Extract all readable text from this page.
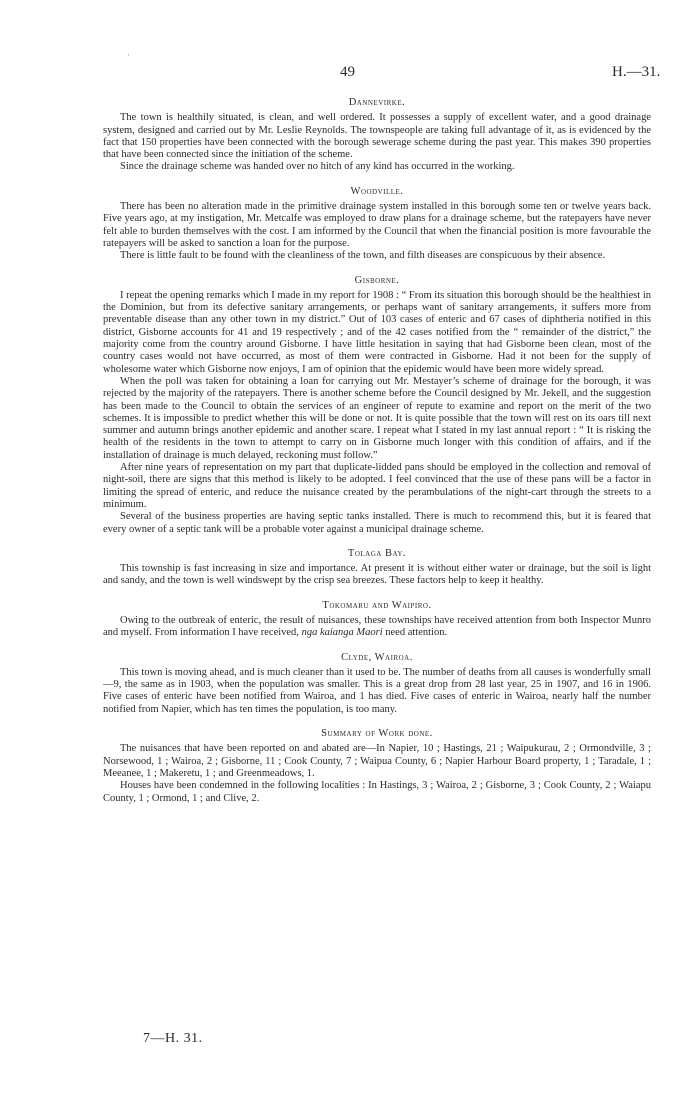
·
49	H.—31.
Dannevirke.

The town is healthily situated, is clean, and well ordered. It possesses a supply of excellent water, and a good drainage system, designed and carried out by Mr. Leslie Reynolds. The townspeople are taking full advantage of it, as is evidenced by the fact that 150 properties have been connected with the borough sewerage scheme during the past year. This makes 390 properties that have been connected since the initiation of the scheme.

Since the drainage scheme was handed over no hitch of any kind has occurred in the working.

Woodville.

There has been no alteration made in the primitive drainage system installed in this borough some ten or twelve years back. Five years ago, at my instigation, Mr. Metcalfe was employed to draw plans for a drainage scheme, but the ratepayers have never felt able to burden themselves with the cost. I am informed by the Council that when the financial position is more favourable the ratepayers will be asked to sanction a loan for the purpose.

There is little fault to be found with the cleanliness of the town, and filth diseases are conspicuous by their absence.

Gisborne.

I repeat the opening remarks which I made in my report for 1908 : “ From its situation this borough should be the healthiest in the Dominion, but from its defective sanitary arrangements, or perhaps want of sanitary arrangements, it suffers more from preventable disease than any other town in my district.” Out of 103 cases of enteric and 67 cases of diphtheria notified in this district, Gisborne accounts for 41 and 19 respectively ; and of the 42 cases notified from the “ remainder of the district,” the majority come from the country around Gisborne. I have little hesitation in saying that had Gisborne been clean, most of the country cases would not have occurred, as most of them were contracted in Gisborne. Had it not been for the supply of wholesome water which Gisborne now enjoys, I am of opinion that the epidemic would have been more widely spread.

When the poll was taken for obtaining a loan for carrying out Mr. Mestayer’s scheme of drainage for the borough, it was rejected by the majority of the ratepayers. There is another scheme before the Council designed by Mr. Jekell, and the suggestion has been made to the Council to obtain the services of an engineer of repute to examine and report on the merit of the two schemes. It is impossible to predict whether this will be done or not. It is quite possible that the town will rest on its oars till next summer and autumn brings another epidemic and another scare. I repeat what I stated in my last annual report : “ It is risking the health of the residents in the town to attempt to carry on in Gisborne much longer with this condition of affairs, and if the installation of drainage is much delayed, reckoning must follow.”

After nine years of representation on my part that duplicate-lidded pans should be employed in the collection and removal of night-soil, there are signs that this method is likely to be adopted. I feel convinced that the use of these pans will be a factor in limiting the spread of enteric, and reduce the nuisance created by the perambulations of the night-cart through the streets to a minimum.

Several of the business properties are having septic tanks installed. There is much to recommend this, but it is feared that every owner of a septic tank will be a probable voter against a municipal drainage scheme.

Tolaga Bay.

This township is fast increasing in size and importance. At present it is without either water or drainage, but the soil is light and sandy, and the town is well windswept by the crisp sea breezes. These factors help to keep it healthy.

Tokomaru and Waipiro.

Owing to the outbreak of enteric, the result of nuisances, these townships have received attention from both Inspector Munro and myself. From information I have received, nga kaianga Maori need attention.

Clyde, Wairoa.

This town is moving ahead, and is much cleaner than it used to be. The number of deaths from all causes is wonderfully small—9, the same as in 1903, when the population was smaller. This is a great drop from 28 last year, 25 in 1907, and 16 in 1906. Five cases of enteric have been notified from Wairoa, and 1 has died. Five cases of enteric in Wairoa, nearly half the number notified from Napier, which has ten times the population, is too many.

Summary of Work done.

The nuisances that have been reported on and abated are—In Napier, 10 ; Hastings, 21 ; Waipukurau, 2 ; Ormondville, 3 ; Norsewood, 1 ; Wairoa, 2 ; Gisborne, 11 ; Cook County, 7 ; Waipua County, 6 ; Napier Harbour Board property, 1 ; Taradale, 1 ; Meeanee, 1 ; Makeretu, 1 ; and Greenmeadows, 1.

Houses have been condemned in the following localities : In Hastings, 3 ; Wairoa, 2 ; Gisborne, 3 ; Cook County, 2 ; Waiapu County, 1 ; Ormond, 1 ; and Clive, 2.

7—H. 31.
